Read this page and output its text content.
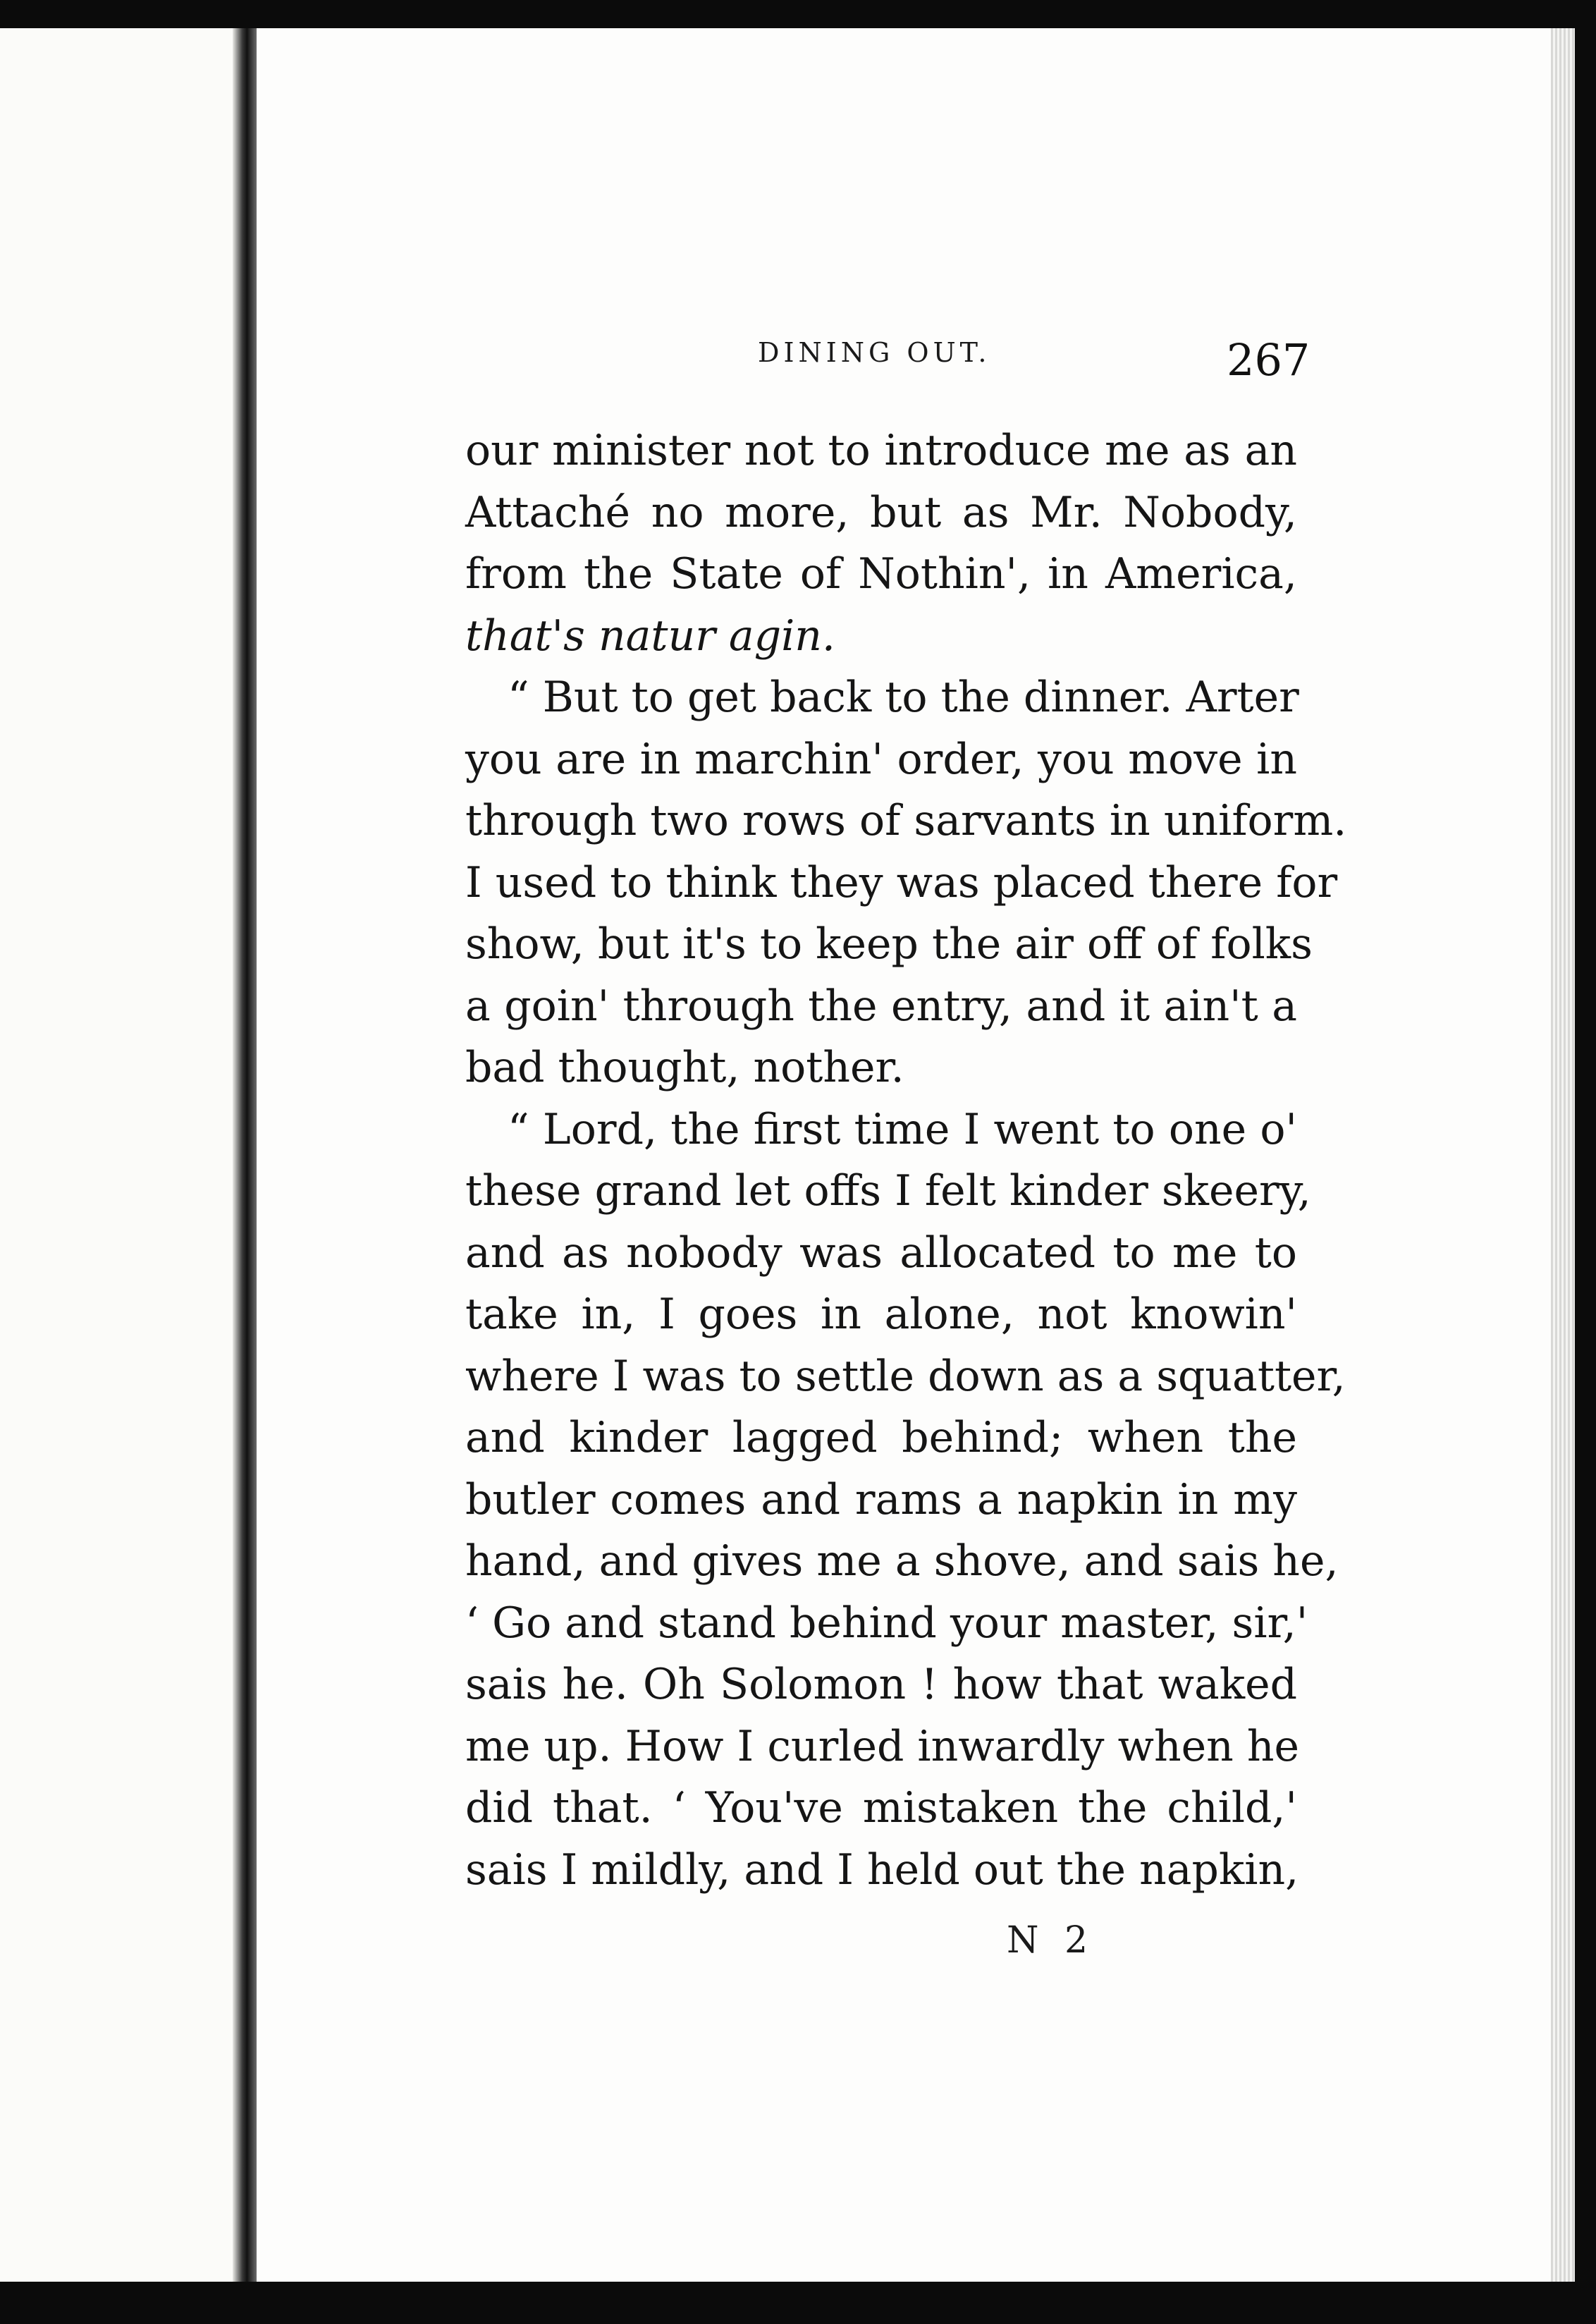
DINING OUT.	267
our minister not to introduce me as an
Attaché no more, but as Mr. Nobody,
from the State of Nothin', in America,
that's natur agin.
“ But to get back to the dinner. Arter
you are in marchin' order, you move in
through two rows of sarvants in uniform.
I used to think they was placed there for
show, but it's to keep the air off of folks
a goin' through the entry, and it ain't a
bad thought, nother.
“ Lord, the first time I went to one o'
these grand let offs I felt kinder skeery,
and as nobody was allocated to me to
take in, I goes in alone, not knowin'
where I was to settle down as a squatter,
and kinder lagged behind; when the
butler comes and rams a napkin in my
hand, and gives me a shove, and sais he,
‘ Go and stand behind your master, sir,'
sais he. Oh Solomon ! how that waked
me up. How I curled inwardly when he
did that. ‘ You've mistaken the child,'
sais I mildly, and I held out the napkin,
N 2
